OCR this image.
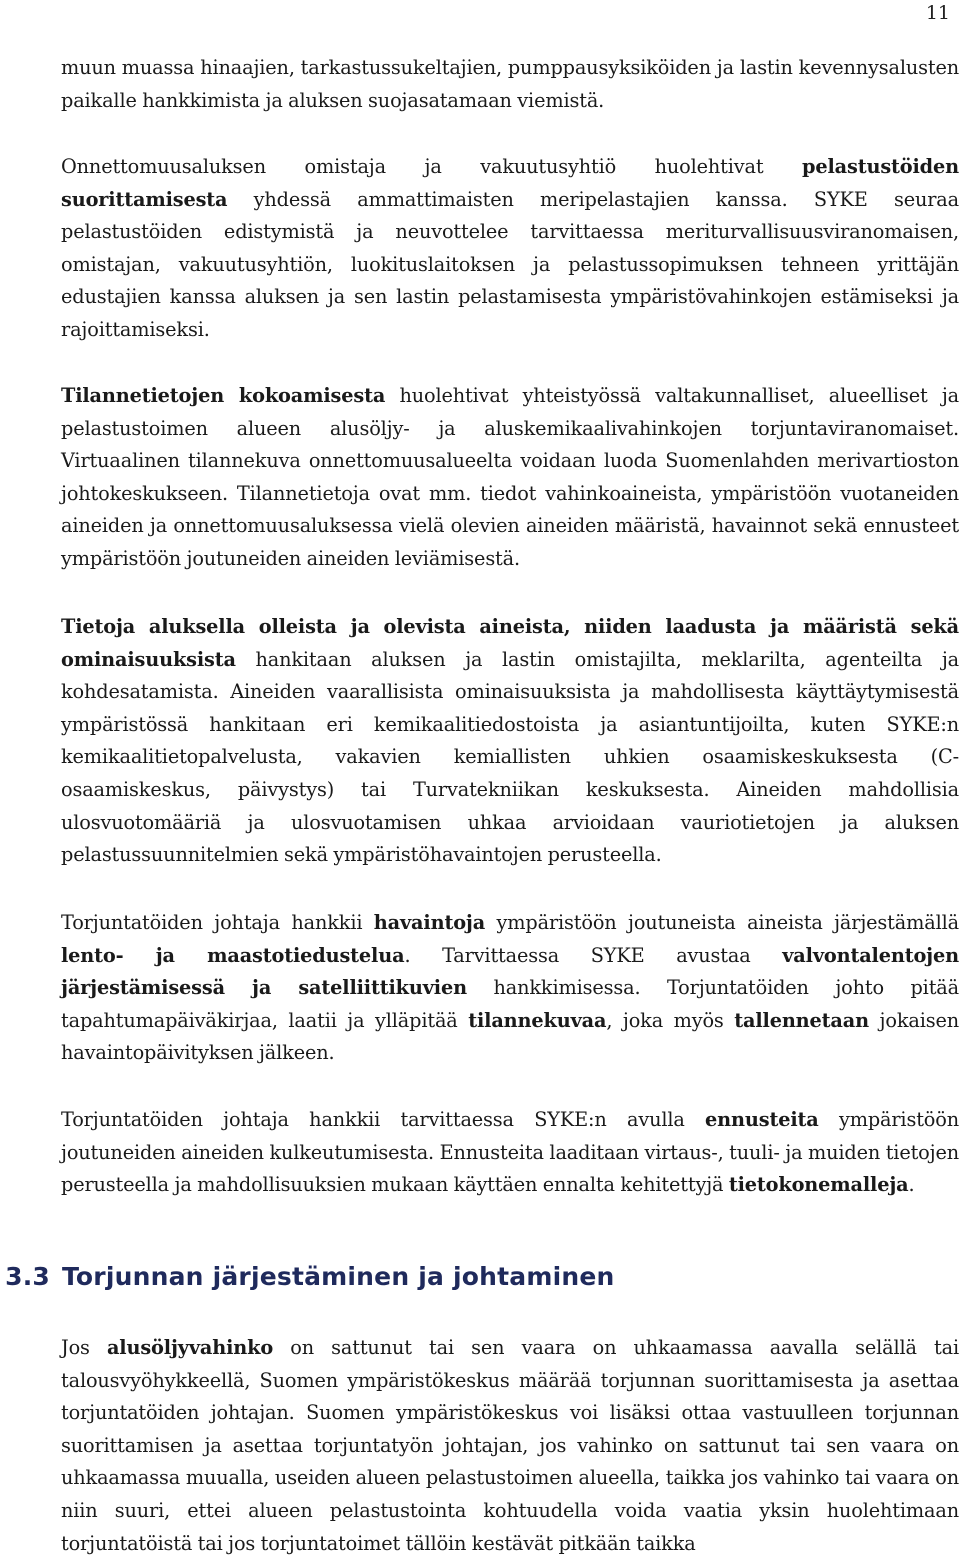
11

muun muassa hinaajien, tarkastussukeltajien, pumppausyksiköiden ja lastin kevennysalusten paikalle hankkimista ja aluksen suojasatamaan viemistä.

Onnettomuusaluksen omistaja ja vakuutusyhtiö huolehtivat pelastustöiden suorittamisesta yhdessä ammattimaisten meripelastajien kanssa. SYKE seuraa pelastustöiden edistymistä ja neuvottelee tarvittaessa meriturvallisuusviranomaisen, omistajan, vakuutusyhtiön, luokituslaitoksen ja pelastussopimuksen tehneen yrittäjän edustajien kanssa aluksen ja sen lastin pelastamisesta ympäristövahinkojen estämiseksi ja rajoittamiseksi.

Tilannetietojen kokoamisesta huolehtivat yhteistyössä valtakunnalliset, alueelliset ja pelastustoimen alueen alusöljy- ja aluskemikaalivahinkojen torjuntaviranomaiset. Virtuaalinen tilannekuva onnettomuusalueelta voidaan luoda Suomenlahden merivartioston johtokeskukseen. Tilannetietoja ovat mm. tiedot vahinkoaineista, ympäristöön vuotaneiden aineiden ja onnettomuusaluksessa vielä olevien aineiden määristä, havainnot sekä ennusteet ympäristöön joutuneiden aineiden leviämisestä.

Tietoja aluksella olleista ja olevista aineista, niiden laadusta ja määristä sekä ominaisuuksista hankitaan aluksen ja lastin omistajilta, meklarilta, agenteilta ja kohdesatamista. Aineiden vaarallisista ominaisuuksista ja mahdollisesta käyttäytymisestä ympäristössä hankitaan eri kemikaalitiedostoista ja asiantuntijoilta, kuten SYKE:n kemikaalitietopalvelusta, vakavien kemiallisten uhkien osaamiskeskuksesta (C-osaamiskeskus, päivystys) tai Turvatekniikan keskuksesta. Aineiden mahdollisia ulosvuotomääriä ja ulosvuotamisen uhkaa arvioidaan vauriotietojen ja aluksen pelastussuunnitelmien sekä ympäristöhavaintojen perusteella.

Torjuntatöiden johtaja hankkii havaintoja ympäristöön joutuneista aineista järjestämällä lento- ja maastotiedustelua. Tarvittaessa SYKE avustaa valvontalentojen järjestämisessä ja satelliittikuvien hankkimisessa. Torjuntatöiden johto pitää tapahtumapäiväkirjaa, laatii ja ylläpitää tilannekuvaa, joka myös tallennetaan jokaisen havaintopäivityksen jälkeen.

Torjuntatöiden johtaja hankkii tarvittaessa SYKE:n avulla ennusteita ympäristöön joutuneiden aineiden kulkeutumisesta. Ennusteita laaditaan virtaus-, tuuli- ja muiden tietojen perusteella ja mahdollisuuksien mukaan käyttäen ennalta kehitettyjä tietokonemalleja.

3.3 Torjunnan järjestäminen ja johtaminen

Jos alusöljyvahinko on sattunut tai sen vaara on uhkaamassa aavalla selällä tai talousvyöhykkeellä, Suomen ympäristökeskus määrää torjunnan suorittamisesta ja asettaa torjuntatöiden johtajan. Suomen ympäristökeskus voi lisäksi ottaa vastuulleen torjunnan suorittamisen ja asettaa torjuntatyön johtajan, jos vahinko on sattunut tai sen vaara on uhkaamassa muualla, useiden alueen pelastustoimen alueella, taikka jos vahinko tai vaara on niin suuri, ettei alueen pelastustointa kohtuudella voida vaatia yksin huolehtimaan torjuntatöistä tai jos torjuntatoimet tällöin kestävät pitkään taikka
